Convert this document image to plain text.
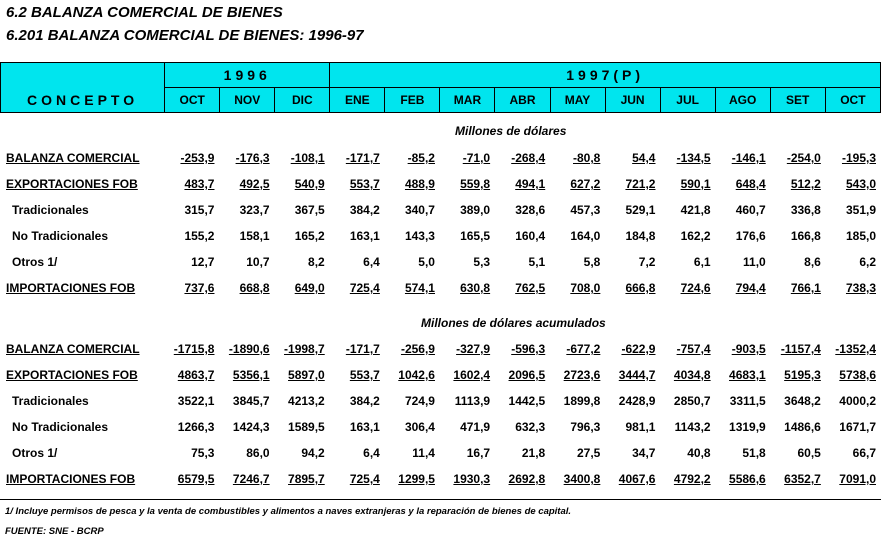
6.2 BALANZA COMERCIAL DE BIENES
6.201 BALANZA COMERCIAL DE BIENES: 1996-97
CONCEPTO	1996			1997(P)									
	OCT	NOV	DIC	ENE	FEB	MAR	ABR	MAY	JUN	JUL	AGO	SET	OCT
Millones de dólares
BALANZA COMERCIAL	-253,9	-176,3	-108,1	-171,7	-85,2	-71,0	-268,4	-80,8	54,4	-134,5	-146,1	-254,0	-195,3
EXPORTACIONES FOB	483,7	492,5	540,9	553,7	488,9	559,8	494,1	627,2	721,2	590,1	648,4	512,2	543,0
Tradicionales	315,7	323,7	367,5	384,2	340,7	389,0	328,6	457,3	529,1	421,8	460,7	336,8	351,9
No Tradicionales	155,2	158,1	165,2	163,1	143,3	165,5	160,4	164,0	184,8	162,2	176,6	166,8	185,0
Otros 1/	12,7	10,7	8,2	6,4	5,0	5,3	5,1	5,8	7,2	6,1	11,0	8,6	6,2
IMPORTACIONES FOB	737,6	668,8	649,0	725,4	574,1	630,8	762,5	708,0	666,8	724,6	794,4	766,1	738,3
Millones de dólares acumulados
BALANZA COMERCIAL	-1715,8	-1890,6	-1998,7	-171,7	-256,9	-327,9	-596,3	-677,2	-622,9	-757,4	-903,5	-1157,4	-1352,4
EXPORTACIONES FOB	4863,7	5356,1	5897,0	553,7	1042,6	1602,4	2096,5	2723,6	3444,7	4034,8	4683,1	5195,3	5738,6
Tradicionales	3522,1	3845,7	4213,2	384,2	724,9	1113,9	1442,5	1899,8	2428,9	2850,7	3311,5	3648,2	4000,2
No Tradicionales	1266,3	1424,3	1589,5	163,1	306,4	471,9	632,3	796,3	981,1	1143,2	1319,9	1486,6	1671,7
Otros 1/	75,3	86,0	94,2	6,4	11,4	16,7	21,8	27,5	34,7	40,8	51,8	60,5	66,7
IMPORTACIONES FOB	6579,5	7246,7	7895,7	725,4	1299,5	1930,3	2692,8	3400,8	4067,6	4792,2	5586,6	6352,7	7091,0
1/ Incluye permisos de pesca y la venta de combustibles y alimentos a naves extranjeras y la reparación de bienes de capital.
FUENTE: SNE - BCRP
